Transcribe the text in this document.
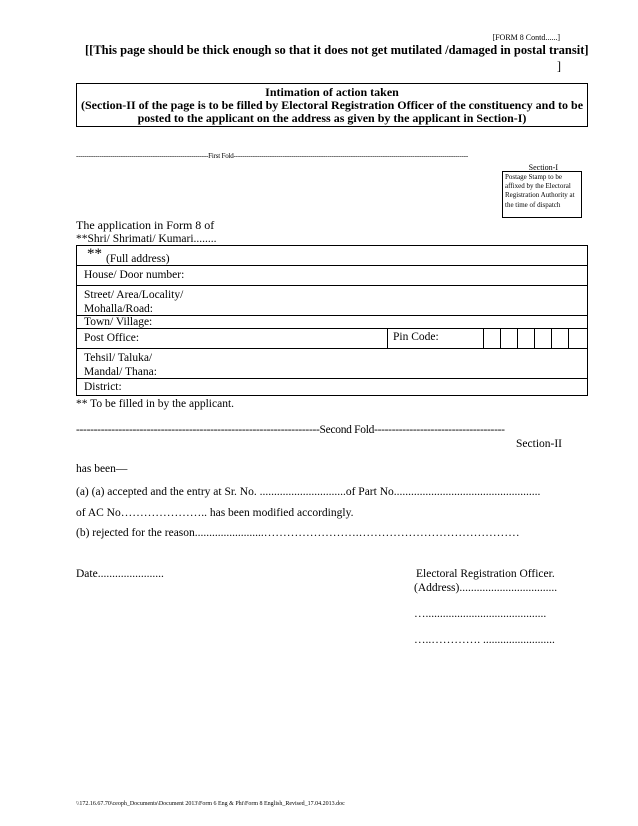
[FORM 8 Contd......]
[[This page should be thick enough so that it does not get mutilated /damaged in postal transit]
]
Intimation of action taken
(Section-II of the page is to be filled by Electoral Registration Officer of the constituency and to be
posted to the applicant on the address as given by the applicant in Section-I)
--------------------------------------------------------------First Fold--------------------------------------------------------------------------------------------------------------
Section-I
Postage Stamp to be affixed by the Electoral Registration Authority at the time of dispatch
The application in Form 8 of
**Shri/ Shrimati/ Kumari........
** (Full address)
House/ Door number:
Street/ Area/Locality/
Mohalla/Road:
Town/ Village:
Post Office:	Pin Code:
Tehsil/ Taluka/
Mandal/ Thana:
District:
** To be filled in by the applicant.
---------------------------------------------------------------------Second Fold-------------------------------------
Section-II
has been—
(a) (a) accepted and the entry at Sr. No. ..............................of Part No...................................................
of AC No………………….. has been modified accordingly.
(b) rejected for the reason........................…………………….……………………………………
Date.......................	Electoral Registration Officer.
(Address)..................................
…..........................................
…..…………. .........................
\\172.16.67.70\ceoph_Documents\Document 2013\Form 6 Eng & Phi\Form 8 English_Revised_17.04.2013.doc
